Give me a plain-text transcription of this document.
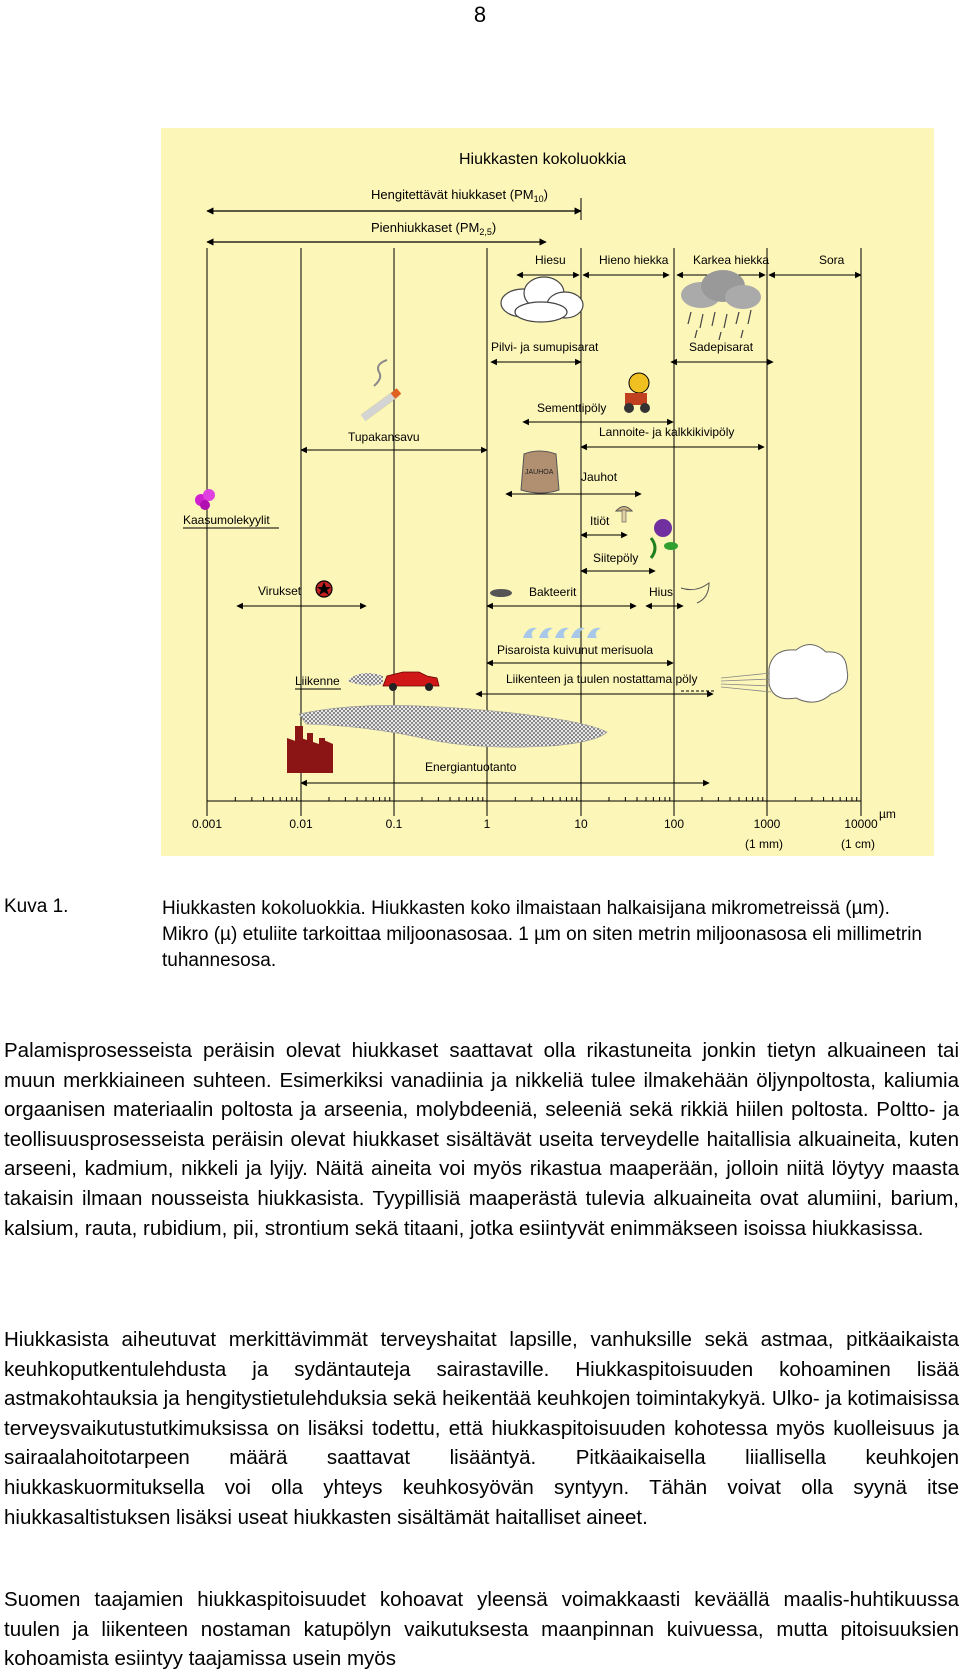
8
Hiukkasten kokoluokkia
Hengitettävät hiukkaset $(PM_{10})$
Pienhiukkaset $(PM_{2,5})$
Hiesu	Hieno hiekka Karkea hiekka	Sora
Pilvi- ja sumupisarat	Sadepisarat
Tupakansavu
Sementtipöly
Lannoite- ja kalkkikivipöly
JAUHOA Jauhot
Kaasumolekyylit	Itiöt
Siitepöly
Virukset	Bakteerit	Hius
Pisaroista kuivunut merisuola
Liikenne	Liikenteen ja tuulen nostattama pöly
Energiantuotanto
0.001	0.01	0.1	1	10	100	1000	10000
µm
(1 mm)	(1 cm)
Kuva 1.	Hiukkasten kokoluokkia. Hiukkasten koko ilmaistaan halkaisijana mikrometreissä (µm). Mikro (µ) etuliite tarkoittaa miljoonasosaa. 1 µm on siten metrin miljoonasosa eli millimetrin tuhannesosa.
Palamisprosesseista peräisin olevat hiukkaset saattavat olla rikastuneita jonkin tietyn alkuaineen tai muun merkkiaineen suhteen. Esimerkiksi vanadiinia ja nikkeliä tulee ilmakehään öljynpoltosta, kaliumia orgaanisen materiaalin poltosta ja arseenia, molybdeeniä, seleeniä sekä rikkiä hiilen poltosta. Poltto- ja teollisuusprosesseista peräisin olevat hiukkaset sisältävät useita terveydelle haitallisia alkuaineita, kuten arseeni, kadmium, nikkeli ja lyijy. Näitä aineita voi myös rikastua maaperään, jolloin niitä löytyy maasta takaisin ilmaan nousseista hiukkasista. Tyypillisiä maaperästä tulevia alkuaineita ovat alumiini, barium, kalsium, rauta, rubidium, pii, strontium sekä titaani, jotka esiintyvät enimmäkseen isoissa hiukkasissa.
Hiukkasista aiheutuvat merkittävimmät terveyshaitat lapsille, vanhuksille sekä astmaa, pitkäaikaista keuhkoputkentulehdusta ja sydäntauteja sairastaville. Hiukkaspitoisuuden kohoaminen lisää astmakohtauksia ja hengitystietulehduksia sekä heikentää keuhkojen toimintakykyä. Ulko- ja kotimaisissa terveysvaikutustutkimuksissa on lisäksi todettu, että hiukkaspitoisuuden kohotessa myös kuolleisuus ja sairaalahoitotarpeen määrä saattavat lisääntyä. Pitkäaikaisella liiallisella keuhkojen hiukkaskuormituksella voi olla yhteys keuhkosyövän syntyyn. Tähän voivat olla syynä itse hiukkasaltistuksen lisäksi useat hiukkasten sisältämät haitalliset aineet.
Suomen taajamien hiukkaspitoisuudet kohoavat yleensä voimakkaasti keväällä maalis-huhtikuussa tuulen ja liikenteen nostaman katupölyn vaikutuksesta maanpinnan kuivuessa, mutta pitoisuuksien kohoamista esiintyy taajamissa usein myös
